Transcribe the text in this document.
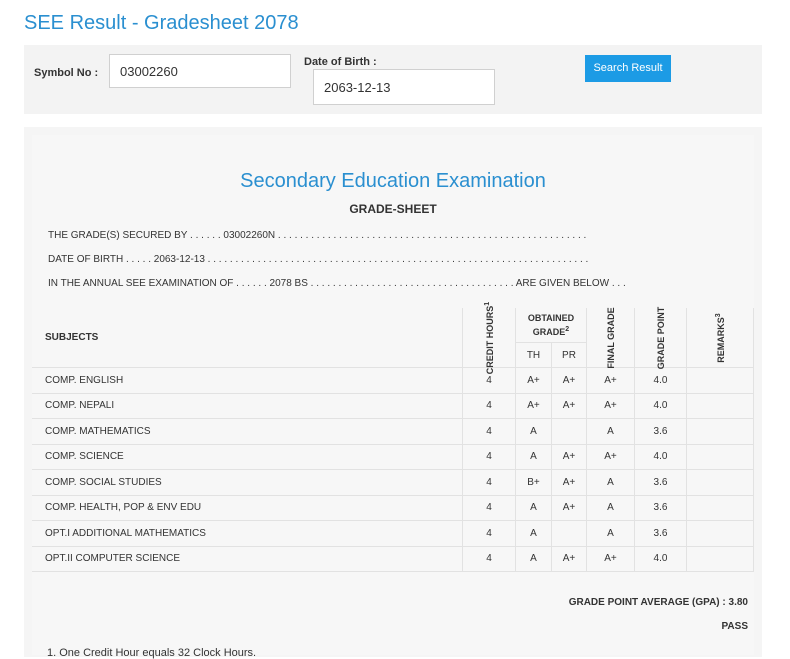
SEE Result - Gradesheet 2078
Symbol No :	03002260
Date of Birth :
2063-12-13
Search Result
Secondary Education Examination
GRADE-SHEET
THE GRADE(S) SECURED BY . . . . . . 03002260N . . . . . . . . . . . . . . . . . . . . . . . . . . . . . . . . . . . . . . . . . . . . . . . . . . . . . . . .
DATE OF BIRTH . . . . . 2063-12-13 . . . . . . . . . . . . . . . . . . . . . . . . . . . . . . . . . . . . . . . . . . . . . . . . . . . . . . . . . . . . . . . . . . . . .
IN THE ANNUAL SEE EXAMINATION OF . . . . . . 2078 BS . . . . . . . . . . . . . . . . . . . . . . . . . . . . . . . . . . . . . ARE GIVEN BELOW . . .
SUBJECTS	CREDIT HOURS$^1$	OBTAINED GRADE$^2$		FINAL GRADE	GRADE POINT	REMARKS$^3$

		TH	PR			
COMP. ENGLISH	4	A+	A+	A+	4.0	
COMP. NEPALI	4	A+	A+	A+	4.0	
COMP. MATHEMATICS	4	A		A	3.6	
COMP. SCIENCE	4	A	A+	A+	4.0	
COMP. SOCIAL STUDIES	4	B+	A+	A	3.6	
COMP. HEALTH, POP & ENV EDU	4	A	A+	A	3.6	
OPT.I ADDITIONAL MATHEMATICS	4	A		A	3.6	
OPT.II COMPUTER SCIENCE	4	A	A+	A+	4.0	
GRADE POINT AVERAGE (GPA) : 3.80
PASS
1. One Credit Hour equals 32 Clock Hours.
